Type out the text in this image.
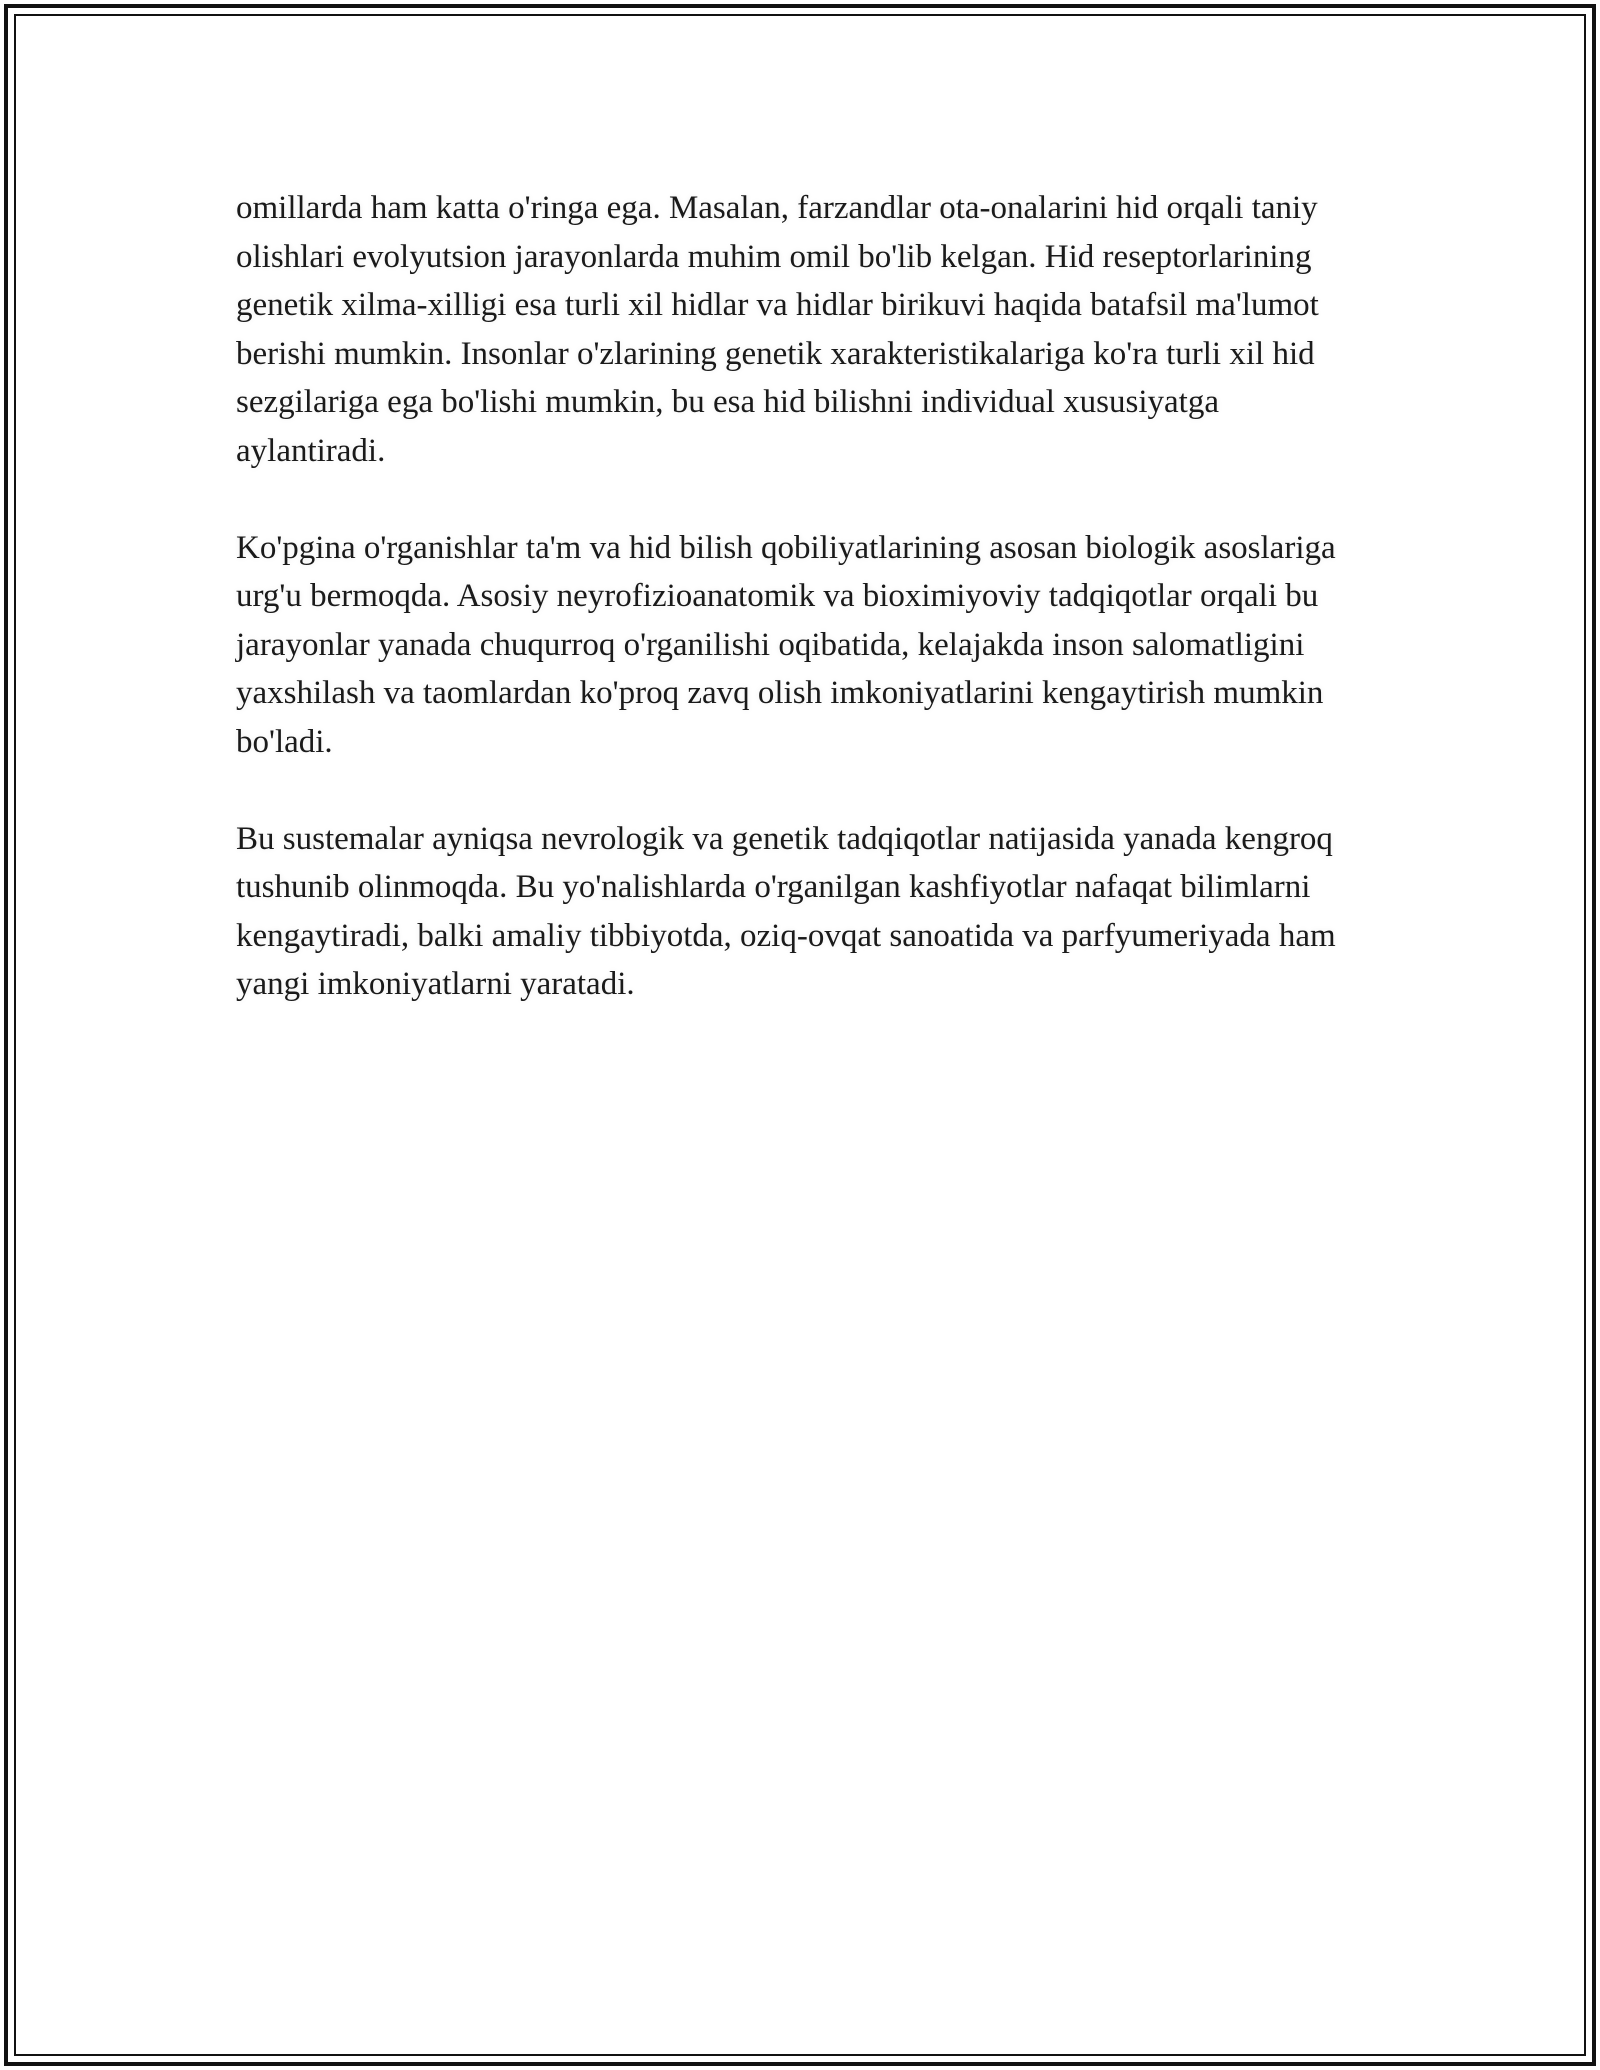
omillarda ham katta o'ringa ega. Masalan, farzandlar ota-onalarini hid orqali taniy olishlari evolyutsion jarayonlarda muhim omil bo'lib kelgan. Hid reseptorlarining genetik xilma-xilligi esa turli xil hidlar va hidlar birikuvi haqida batafsil ma'lumot berishi mumkin. Insonlar o'zlarining genetik xarakteristikalariga ko'ra turli xil hid sezgilariga ega bo'lishi mumkin, bu esa hid bilishni individual xususiyatga aylantiradi.

Ko'pgina o'rganishlar ta'm va hid bilish qobiliyatlarining asosan biologik asoslariga urg'u bermoqda. Asosiy neyrofizioanatomik va bioximiyoviy tadqiqotlar orqali bu jarayonlar yanada chuqurroq o'rganilishi oqibatida, kelajakda inson salomatligini yaxshilash va taomlardan ko'proq zavq olish imkoniyatlarini kengaytirish mumkin bo'ladi.

Bu sustemalar ayniqsa nevrologik va genetik tadqiqotlar natijasida yanada kengroq tushunib olinmoqda. Bu yo'nalishlarda o'rganilgan kashfiyotlar nafaqat bilimlarni kengaytiradi, balki amaliy tibbiyotda, oziq-ovqat sanoatida va parfyumeriyada ham yangi imkoniyatlarni yaratadi.
